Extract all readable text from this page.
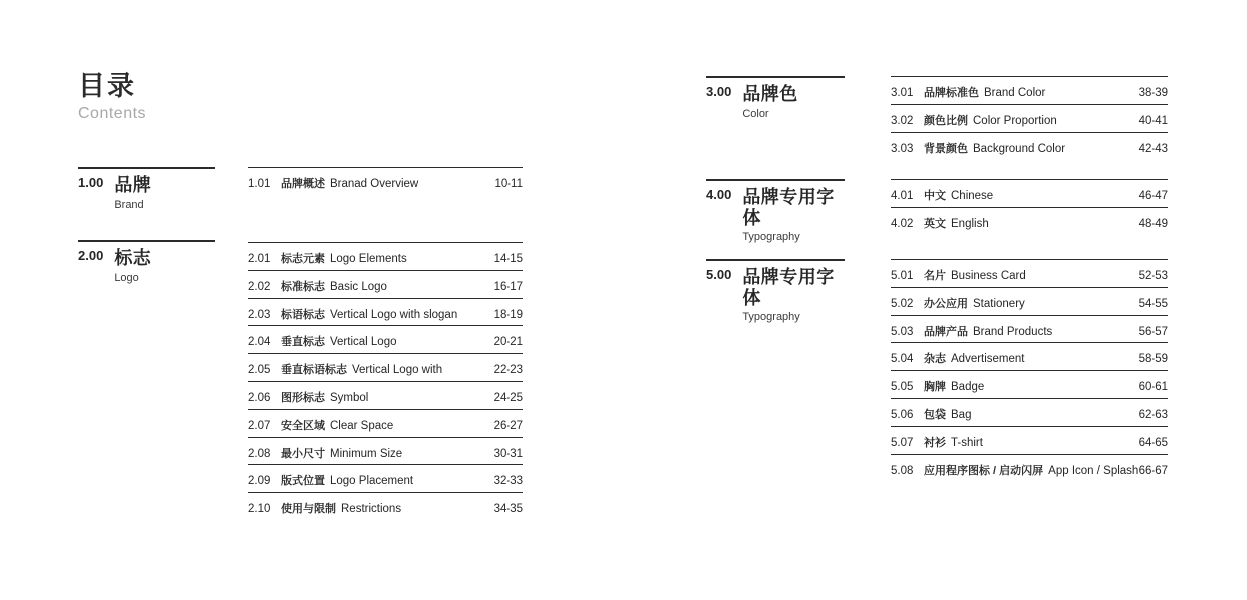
目录
Contents
1.00 品牌
Brand
2.00 标志
Logo
1.01 品牌概述 Branad Overview	10-11
2.01 标志元素 Logo Elements	14-15
2.02 标准标志 Basic Logo	16-17
2.03 标语标志 Vertical Logo with slogan	18-19
2.04 垂直标志 Vertical Logo	20-21
2.05 垂直标语标志 Vertical Logo with	22-23
2.06 图形标志 Symbol	24-25
2.07 安全区域 Clear Space	26-27
2.08 最小尺寸 Minimum Size	30-31
2.09 版式位置 Logo Placement	32-33
2.10 使用与限制 Restrictions	34-35
3.00 品牌色
Color
4.00 品牌专用字体
Typography
5.00 品牌专用字体
Typography
3.01 品牌标准色 Brand Color	38-39
3.02 颜色比例 Color Proportion	40-41
3.03 背景颜色 Background Color	42-43
4.01 中文 Chinese	46-47
4.02 英文 English	48-49
5.01 名片 Business Card	52-53
5.02 办公应用 Stationery	54-55
5.03 品牌产品 Brand Products	56-57
5.04 杂志 Advertisement	58-59
5.05 胸牌 Badge	60-61
5.06 包袋 Bag	62-63
5.07 衬衫 T-shirt	64-65
5.08 应用程序图标 / 启动闪屏 App Icon / Splash 66-67
